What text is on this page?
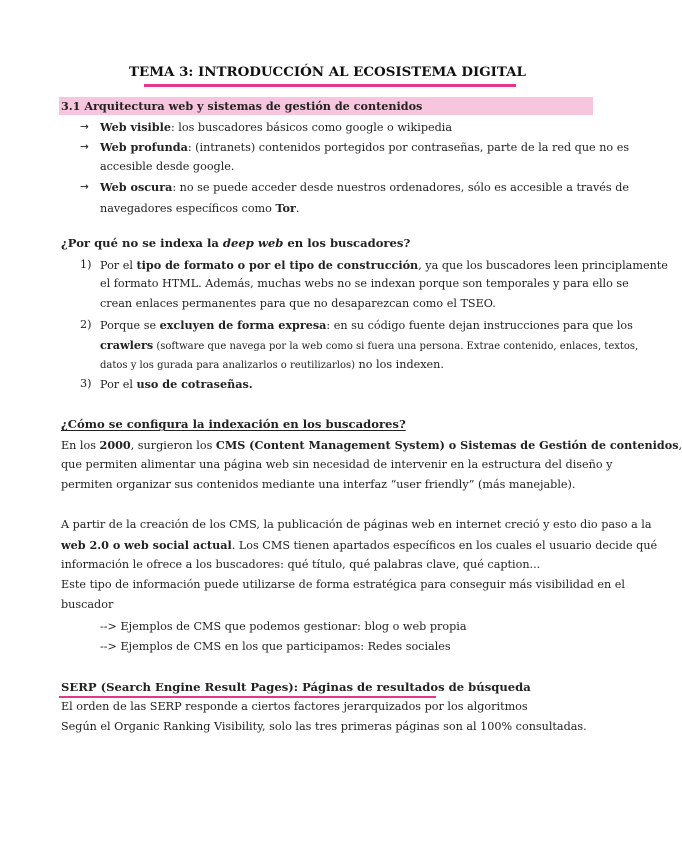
TEMA 3: INTRODUCCIÓN AL ECOSISTEMA DIGITAL
3.1 Arquitectura web y sistemas de gestión de contenidos
→ Web visible: los buscadores básicos como google o wikipedia
→ Web profunda: (intranets) contenidos portegidos por contraseñas, parte de la red que no es
accesible desde google.
→ Web oscura: no se puede acceder desde nuestros ordenadores, sólo es accesible a través de
navegadores específicos como Tor.
¿Por qué no se indexa la deep web en los buscadores?
1) Por el tipo de formato o por el tipo de construcción, ya que los buscadores leen principlamente
el formato HTML. Además, muchas webs no se indexan porque son temporales y para ello se
crean enlaces permanentes para que no desaparezcan como el TSEO.
2) Porque se excluyen de forma expresa: en su código fuente dejan instrucciones para que los
crawlers (software que navega por la web como si fuera una persona. Extrae contenido, enlaces, textos,
datos y los gurada para analizarlos o reutilizarlos) no los indexen.
3) Por el uso de cotraseñas.
¿Cómo se configura la indexación en los buscadores?
En los 2000, surgieron los CMS (Content Management System) o Sistemas de Gestión de contenidos,
que permiten alimentar una página web sin necesidad de intervenir en la estructura del diseño y
permiten organizar sus contenidos mediante una interfaz “user friendly” (más manejable).
A partir de la creación de los CMS, la publicación de páginas web en internet creció y esto dio paso a la
web 2.0 o web social actual. Los CMS tienen apartados específicos en los cuales el usuario decide qué
información le ofrece a los buscadores: qué título, qué palabras clave, qué caption...
Este tipo de información puede utilizarse de forma estratégica para conseguir más visibilidad en el
buscador
--> Ejemplos de CMS que podemos gestionar: blog o web propia
--> Ejemplos de CMS en los que participamos: Redes sociales
SERP (Search Engine Result Pages): Páginas de resultados de búsqueda
El orden de las SERP responde a ciertos factores jerarquizados por los algoritmos
Según el Organic Ranking Visibility, solo las tres primeras páginas son al 100% consultadas.
